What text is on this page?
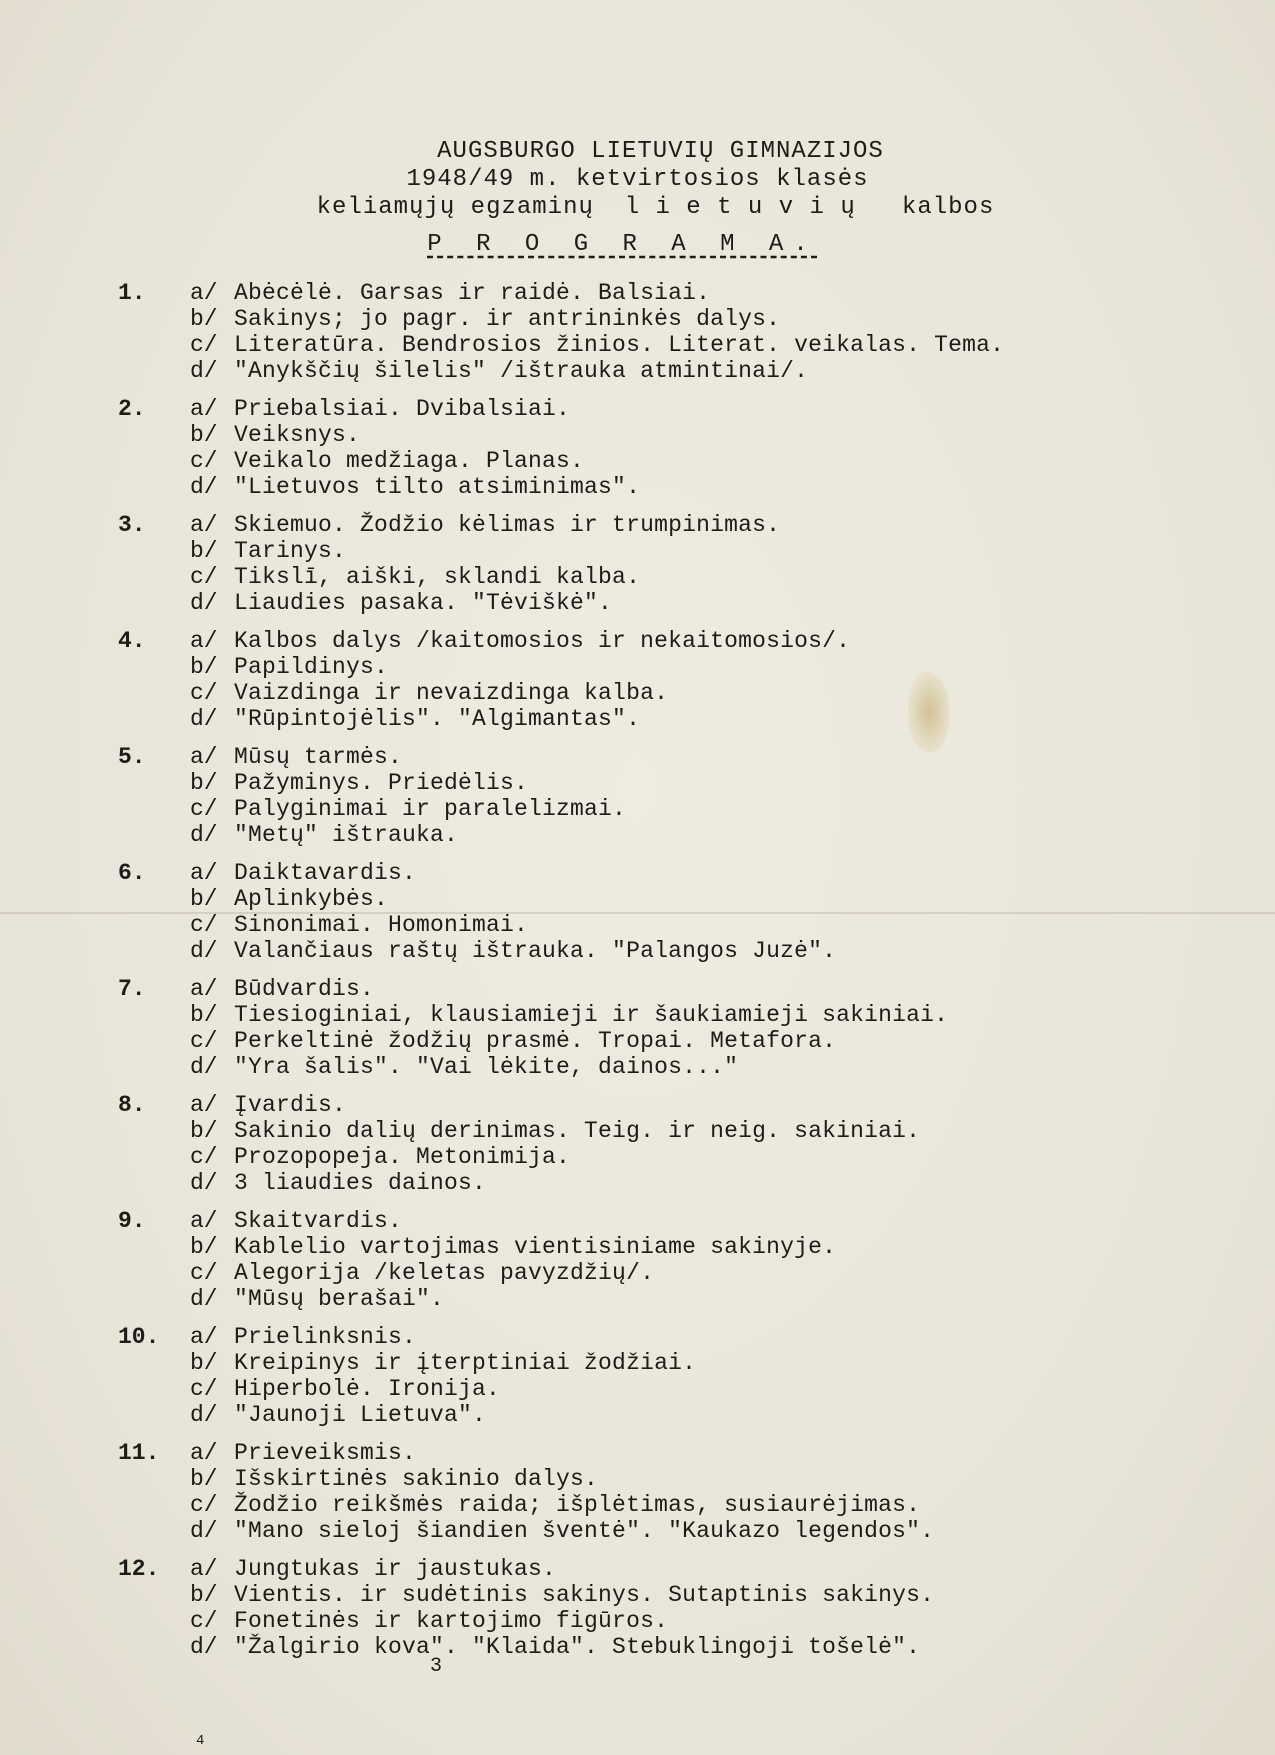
AUGSBURGO LIETUVIŲ GIMNAZIJOS
1948/49 m. ketvirtosios klasės
keliamųjų egzaminų  l i e t u v i ų   kalbos
P R O G R A M A.
1.	a/ Abėcėlė. Garsas ir raidė. Balsiai.
b/ Sakinys; jo pagr. ir antrininkės dalys.
c/ Literatūra. Bendrosios žinios. Literat. veikalas. Tema.
d/ "Anykščių šilelis" /ištrauka atmintinai/.
2.	a/ Priebalsiai. Dvibalsiai.
b/ Veiksnys.
c/ Veikalo medžiaga. Planas.
d/ "Lietuvos tilto atsiminimas".
3.	a/ Skiemuo. Žodžio kėlimas ir trumpinimas.
b/ Tarinys.
c/ Tikslī, aiški, sklandi kalba.
d/ Liaudies pasaka. "Tėviškė".
4.	a/ Kalbos dalys /kaitomosios ir nekaitomosios/.
b/ Papildinys.
c/ Vaizdinga ir nevaizdinga kalba.
d/ "Rūpintojėlis". "Algimantas".
5.	a/ Mūsų tarmės.
b/ Pažyminys. Priedėlis.
c/ Palyginimai ir paralelizmai.
d/ "Metų" ištrauka.
6.	a/ Daiktavardis.
b/ Aplinkybės.
c/ Sinonimai. Homonimai.
d/ Valančiaus raštų ištrauka. "Palangos Juzė".
7.	a/ Būdvardis.
b/ Tiesioginiai, klausiamieji ir šaukiamieji sakiniai.
c/ Perkeltinė žodžių prasmė. Tropai. Metafora.
d/ "Yra šalis". "Vai lėkite, dainos..."
8.	a/ Įvardis.
b/ Sakinio dalių derinimas. Teig. ir neig. sakiniai.
c/ Prozopopeja. Metonimija.
d/ 3 liaudies dainos.
9.	a/ Skaitvardis.
b/ Kablelio vartojimas vientisiniame sakinyje.
c/ Alegorija /keletas pavyzdžių/.
d/ "Mūsų berašai".
10.	a/ Prielinksnis.
b/ Kreipinys ir įterptiniai žodžiai.
c/ Hiperbolė. Ironija.
d/ "Jaunoji Lietuva".
11.	a/ Prieveiksmis.
b/ Išskirtinės sakinio dalys.
c/ Žodžio reikšmės raida; išplėtimas, susiaurėjimas.
d/ "Mano sieloj šiandien šventė". "Kaukazo legendos".
12.	a/ Jungtukas ir jaustukas.
b/ Vientis. ir sudėtinis sakinys. Sutaptinis sakinys.
c/ Fonetinės ir kartojimo figūros.
d/ "Žalgirio kova". "Klaida". Stebuklingoji tošelė".
3
4
